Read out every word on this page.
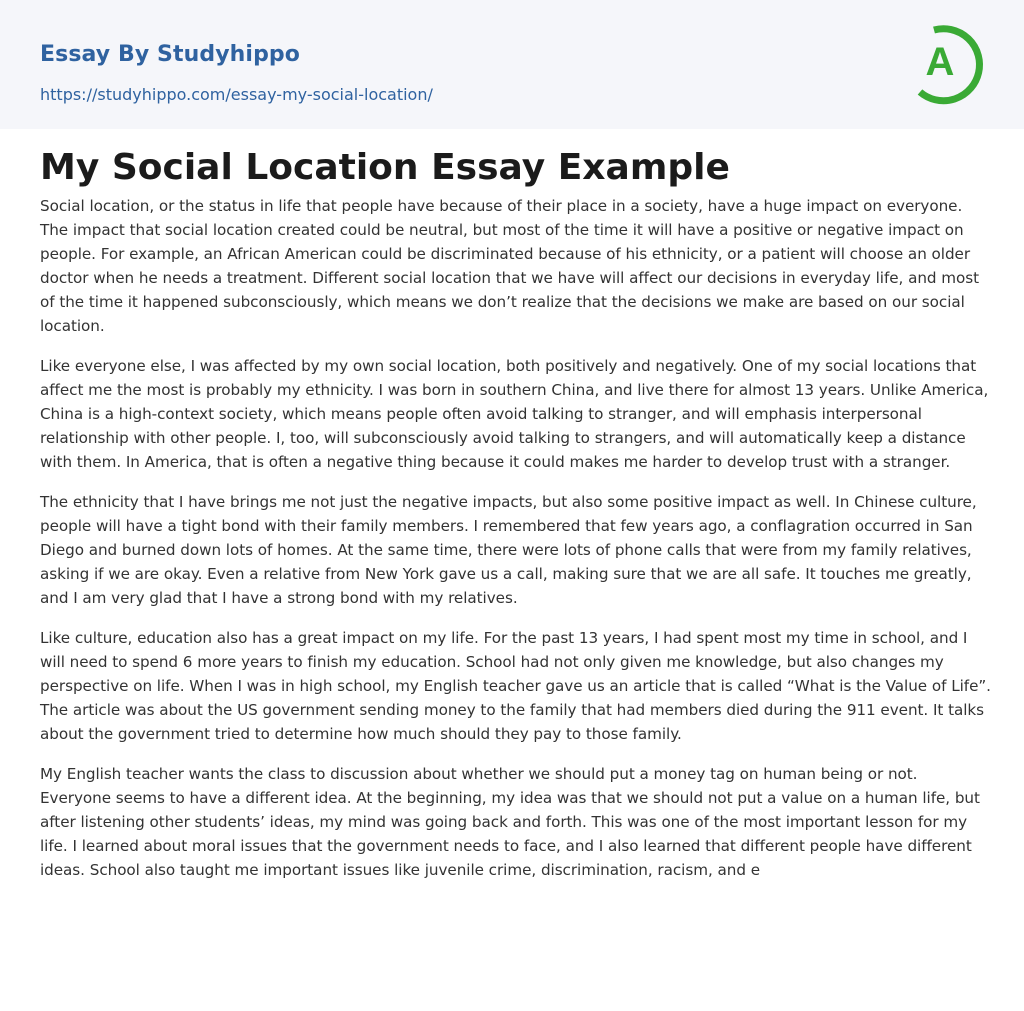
Essay By Studyhippo
https://studyhippo.com/essay-my-social-location/
A
My Social Location Essay Example

Social location, or the status in life that people have because of their place in a society, have a huge impact on everyone. The impact that social location created could be neutral, but most of the time it will have a positive or negative impact on people. For example, an African American could be discriminated because of his ethnicity, or a patient will choose an older doctor when he needs a treatment. Different social location that we have will affect our decisions in everyday life, and most of the time it happened subconsciously, which means we don’t realize that the decisions we make are based on our social location.

Like everyone else, I was affected by my own social location, both positively and negatively. One of my social locations that affect me the most is probably my ethnicity. I was born in southern China, and live there for almost 13 years. Unlike America, China is a high-context society, which means people often avoid talking to stranger, and will emphasis interpersonal relationship with other people. I, too, will subconsciously avoid talking to strangers, and will automatically keep a distance with them. In America, that is often a negative thing because it could makes me harder to develop trust with a stranger.

The ethnicity that I have brings me not just the negative impacts, but also some positive impact as well. In Chinese culture, people will have a tight bond with their family members. I remembered that few years ago, a conflagration occurred in San Diego and burned down lots of homes. At the same time, there were lots of phone calls that were from my family relatives, asking if we are okay. Even a relative from New York gave us a call, making sure that we are all safe. It touches me greatly, and I am very glad that I have a strong bond with my relatives.

Like culture, education also has a great impact on my life. For the past 13 years, I had spent most my time in school, and I will need to spend 6 more years to finish my education. School had not only given me knowledge, but also changes my perspective on life. When I was in high school, my English teacher gave us an article that is called “What is the Value of Life”. The article was about the US government sending money to the family that had members died during the 911 event. It talks about the government tried to determine how much should they pay to those family.

My English teacher wants the class to discussion about whether we should put a money tag on human being or not. Everyone seems to have a different idea. At the beginning, my idea was that we should not put a value on a human life, but after listening other students’ ideas, my mind was going back and forth. This was one of the most important lesson for my life. I learned about moral issues that the government needs to face, and I also learned that different people have different ideas. School also taught me important issues like juvenile crime, discrimination, racism, and e
